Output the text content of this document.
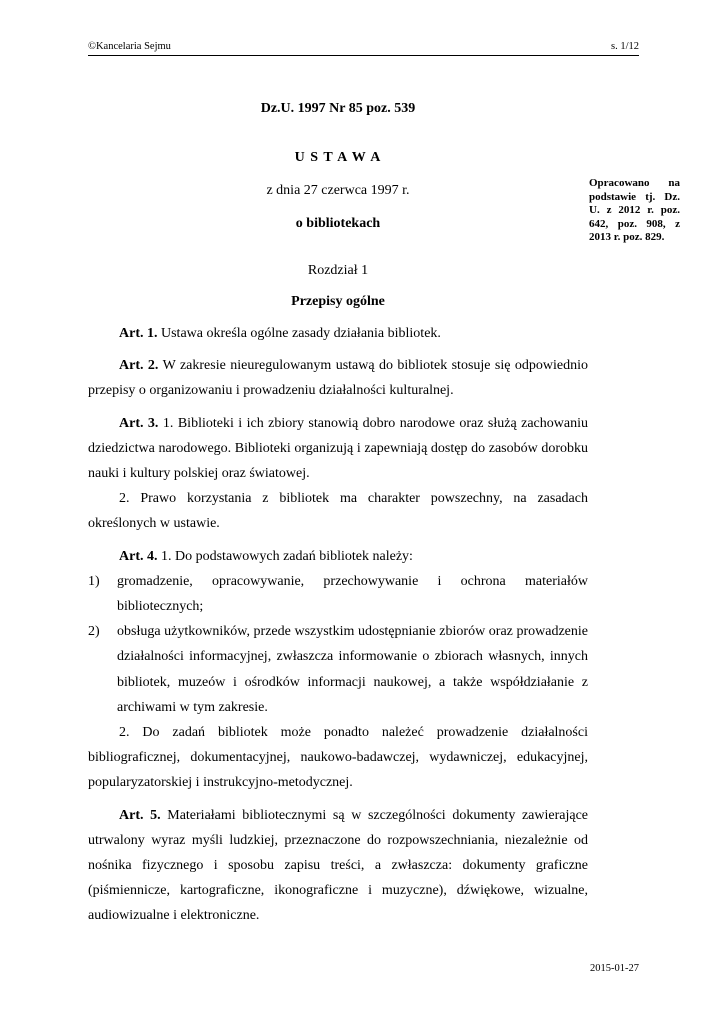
©Kancelaria Sejmu	s. 1/12
Dz.U. 1997 Nr 85 poz. 539
U S T A W A
z dnia 27 czerwca 1997 r.
o bibliotekach
Rozdział 1
Przepisy ogólne
Opracowano na podstawie tj. Dz. U. z 2012 r. poz. 642, poz. 908, z 2013 r. poz. 829.

Art. 1. Ustawa określa ogólne zasady działania bibliotek.

Art. 2. W zakresie nieuregulowanym ustawą do bibliotek stosuje się odpowiednio przepisy o organizowaniu i prowadzeniu działalności kulturalnej.

Art. 3. 1. Biblioteki i ich zbiory stanowią dobro narodowe oraz służą zachowaniu dziedzictwa narodowego. Biblioteki organizują i zapewniają dostęp do zasobów dorobku nauki i kultury polskiej oraz światowej.

2. Prawo korzystania z bibliotek ma charakter powszechny, na zasadach określonych w ustawie.

Art. 4. 1. Do podstawowych zadań bibliotek należy:

1)	gromadzenie, opracowywanie, przechowywanie i ochrona materiałów bibliotecznych;
2)	obsługa użytkowników, przede wszystkim udostępnianie zbiorów oraz prowadzenie działalności informacyjnej, zwłaszcza informowanie o zbiorach własnych, innych bibliotek, muzeów i ośrodków informacji naukowej, a także współdziałanie z archiwami w tym zakresie.

2. Do zadań bibliotek może ponadto należeć prowadzenie działalności bibliograficznej, dokumentacyjnej, naukowo-badawczej, wydawniczej, edukacyjnej, popularyzatorskiej i instrukcyjno-metodycznej.

Art. 5. Materiałami bibliotecznymi są w szczególności dokumenty zawierające utrwalony wyraz myśli ludzkiej, przeznaczone do rozpowszechniania, niezależnie od nośnika fizycznego i sposobu zapisu treści, a zwłaszcza: dokumenty graficzne (piśmiennicze, kartograficzne, ikonograficzne i muzyczne), dźwiękowe, wizualne, audiowizualne i elektroniczne.

2015-01-27
